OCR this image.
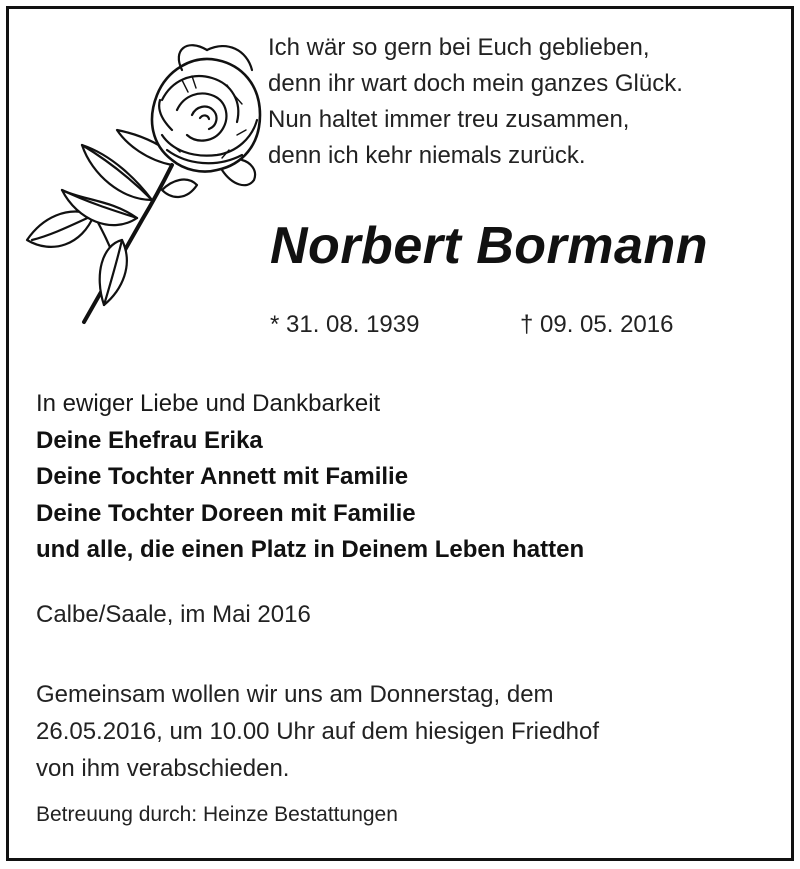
Ich wär so gern bei Euch geblieben,
denn ihr wart doch mein ganzes Glück.
Nun haltet immer treu zusammen,
denn ich kehr niemals zurück.
Norbert Bormann
* 31. 08. 1939	† 09. 05. 2016
In ewiger Liebe und Dankbarkeit
Deine Ehefrau Erika
Deine Tochter Annett mit Familie
Deine Tochter Doreen mit Familie
und alle, die einen Platz in Deinem Leben hatten
Calbe/Saale, im Mai 2016
Gemeinsam wollen wir uns am Donnerstag, dem
26.05.2016, um 10.00 Uhr auf dem hiesigen Friedhof
von ihm verabschieden.
Betreuung durch: Heinze Bestattungen
